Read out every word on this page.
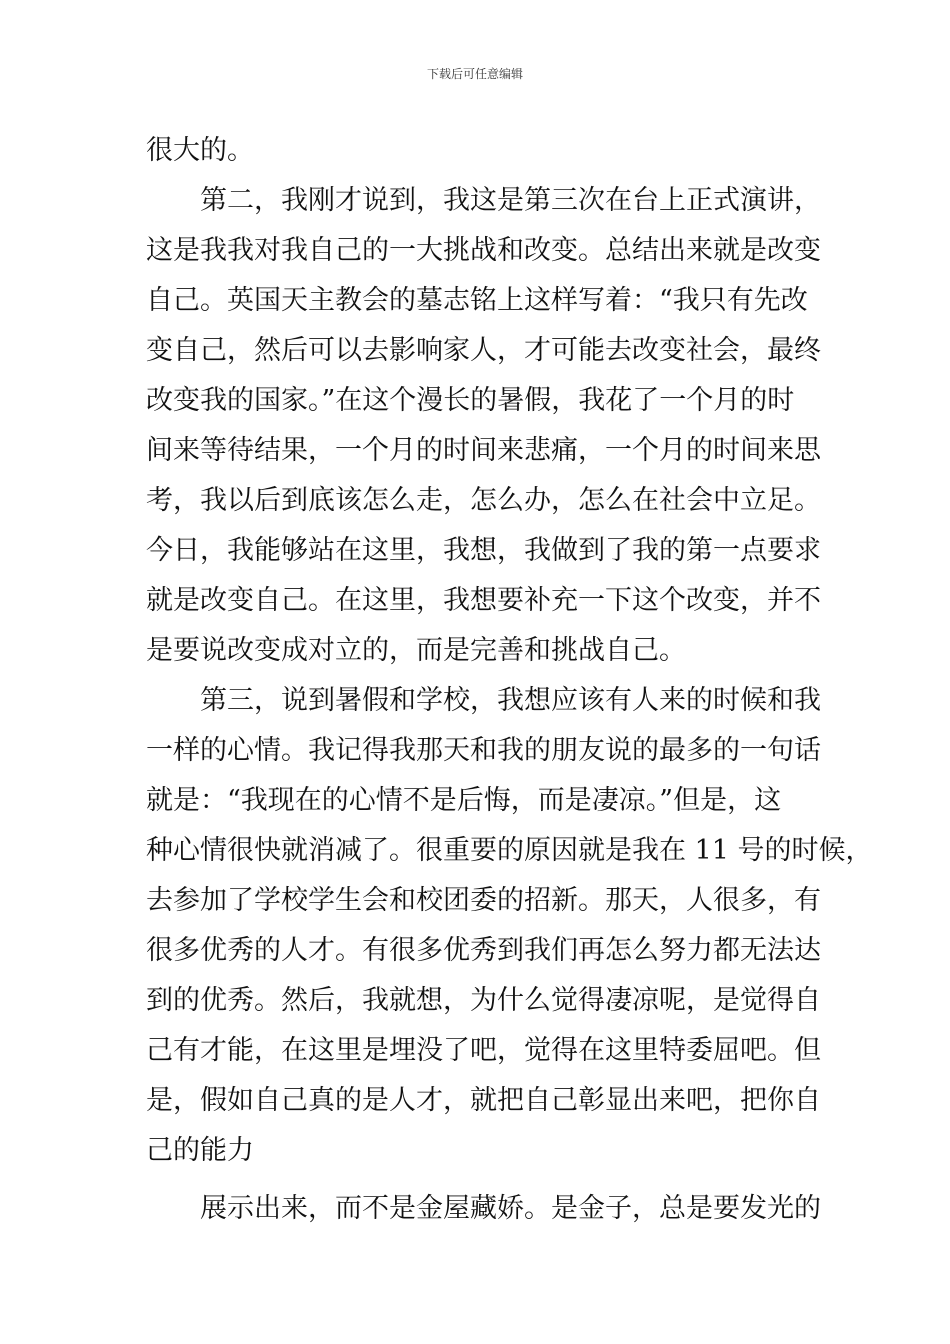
下载后可任意编辑
很大的。
　　第二，我刚才说到，我这是第三次在台上正式演讲，
这是我我对我自己的一大挑战和改变。总结出来就是改变
自己。英国天主教会的墓志铭上这样写着：“我只有先改
变自己，然后可以去影响家人，才可能去改变社会，最终
改变我的国家。”在这个漫长的暑假，我花了一个月的时
间来等待结果，一个月的时间来悲痛，一个月的时间来思
考，我以后到底该怎么走，怎么办，怎么在社会中立足。
今日，我能够站在这里，我想，我做到了我的第一点要求
就是改变自己。在这里，我想要补充一下这个改变，并不
是要说改变成对立的，而是完善和挑战自己。
　　第三，说到暑假和学校，我想应该有人来的时候和我
一样的心情。我记得我那天和我的朋友说的最多的一句话
就是：“我现在的心情不是后悔，而是凄凉。”但是，这
种心情很快就消减了。很重要的原因就是我在 11 号的时候，
去参加了学校学生会和校团委的招新。那天，人很多，有
很多优秀的人才。有很多优秀到我们再怎么努力都无法达
到的优秀。然后，我就想，为什么觉得凄凉呢，是觉得自
己有才能，在这里是埋没了吧，觉得在这里特委屈吧。但
是，假如自己真的是人才，就把自己彰显出来吧，把你自
己的能力
　　展示出来，而不是金屋藏娇。是金子，总是要发光的
